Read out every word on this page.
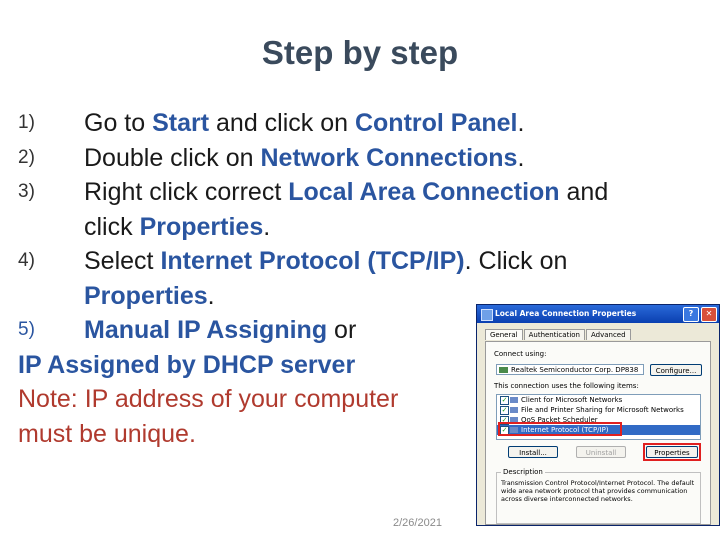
Step by step
1)	Go to Start and click on Control Panel.
2)	Double click on Network Connections.
3)	Right click correct Local Area Connection and
click Properties.
4)	Select Internet Protocol (TCP/IP). Click on
Properties.
5)	Manual IP Assigning or
IP Assigned by DHCP server
Note: IP address of your computer
must be unique.
2/26/2021
Local Area Connection Properties	?	✕
General	Authentication	Advanced
Connect using:
Realtek Semiconductor Corp. DP838	Configure...
This connection uses the following items:
✓ Client for Microsoft Networks
✓ File and Printer Sharing for Microsoft Networks
✓ QoS Packet Scheduler
✓ Internet Protocol (TCP/IP)
Install...	Uninstall	Properties
Description
Transmission Control Protocol/Internet Protocol. The default wide area network protocol that provides communication across diverse interconnected networks.
